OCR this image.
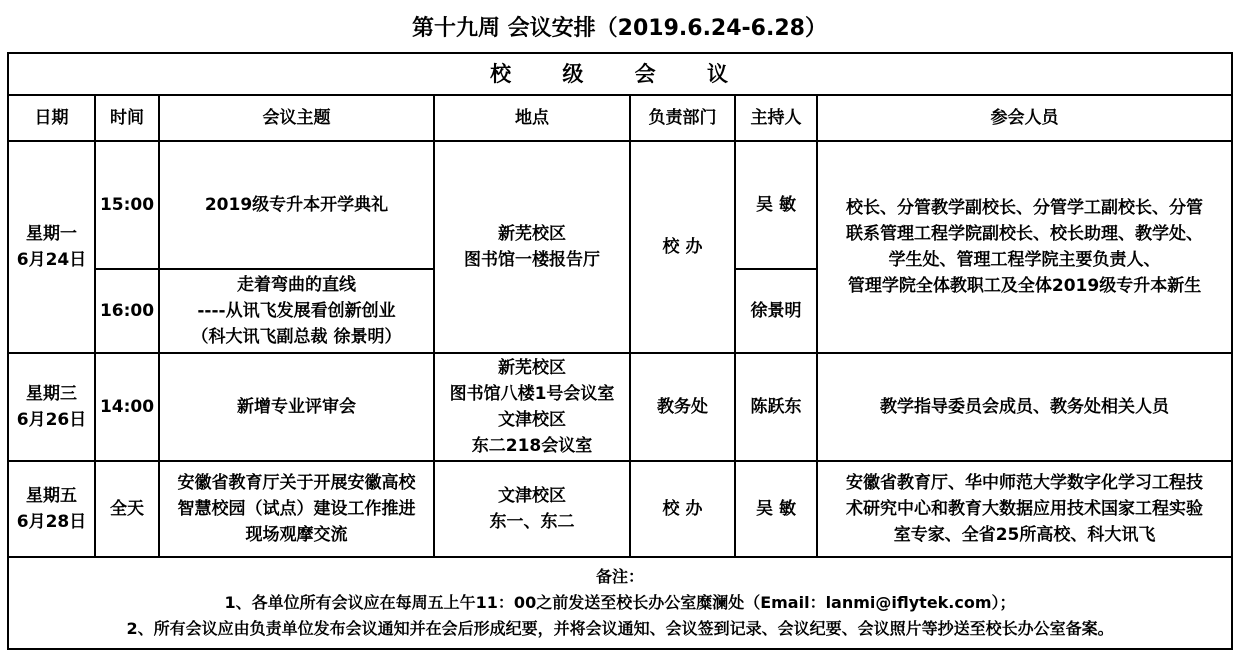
第十九周 会议安排（2019.6.24-6.28）
校 级 会 议						
日期	时间	会议主题	地点	负责部门	主持人	参会人员

星期一
6月24日	15:00	2019级专升本开学典礼	新芜校区
图书馆一楼报告厅	校 办	吴 敏	校长、分管教学副校长、分管学工副校长、分管
联系管理工程学院副校长、校长助理、教学处、
学生处、管理工程学院主要负责人、
管理学院全体教职工及全体2019级专升本新生

	16:00	走着弯曲的直线
----从讯飞发展看创新创业
（科大讯飞副总裁 徐景明）			徐景明	

星期三
6月26日	14:00	新增专业评审会	新芜校区
图书馆八楼1号会议室
文津校区
东二218会议室	教务处	陈跃东	教学指导委员会成员、教务处相关人员

星期五
6月28日	全天	安徽省教育厅关于开展安徽高校
智慧校园（试点）建设工作推进
现场观摩交流	文津校区
东一、东二	校 办	吴 敏	安徽省教育厅、华中师范大学数字化学习工程技
术研究中心和教育大数据应用技术国家工程实验
室专家、全省25所高校、科大讯飞

备注：
1、各单位所有会议应在每周五上午11：00之前发送至校长办公室糜澜处（Email：lanmi@iflytek.com）；
2、所有会议应由负责单位发布会议通知并在会后形成纪要，并将会议通知、会议签到记录、会议纪要、会议照片等抄送至校长办公室备案。						
